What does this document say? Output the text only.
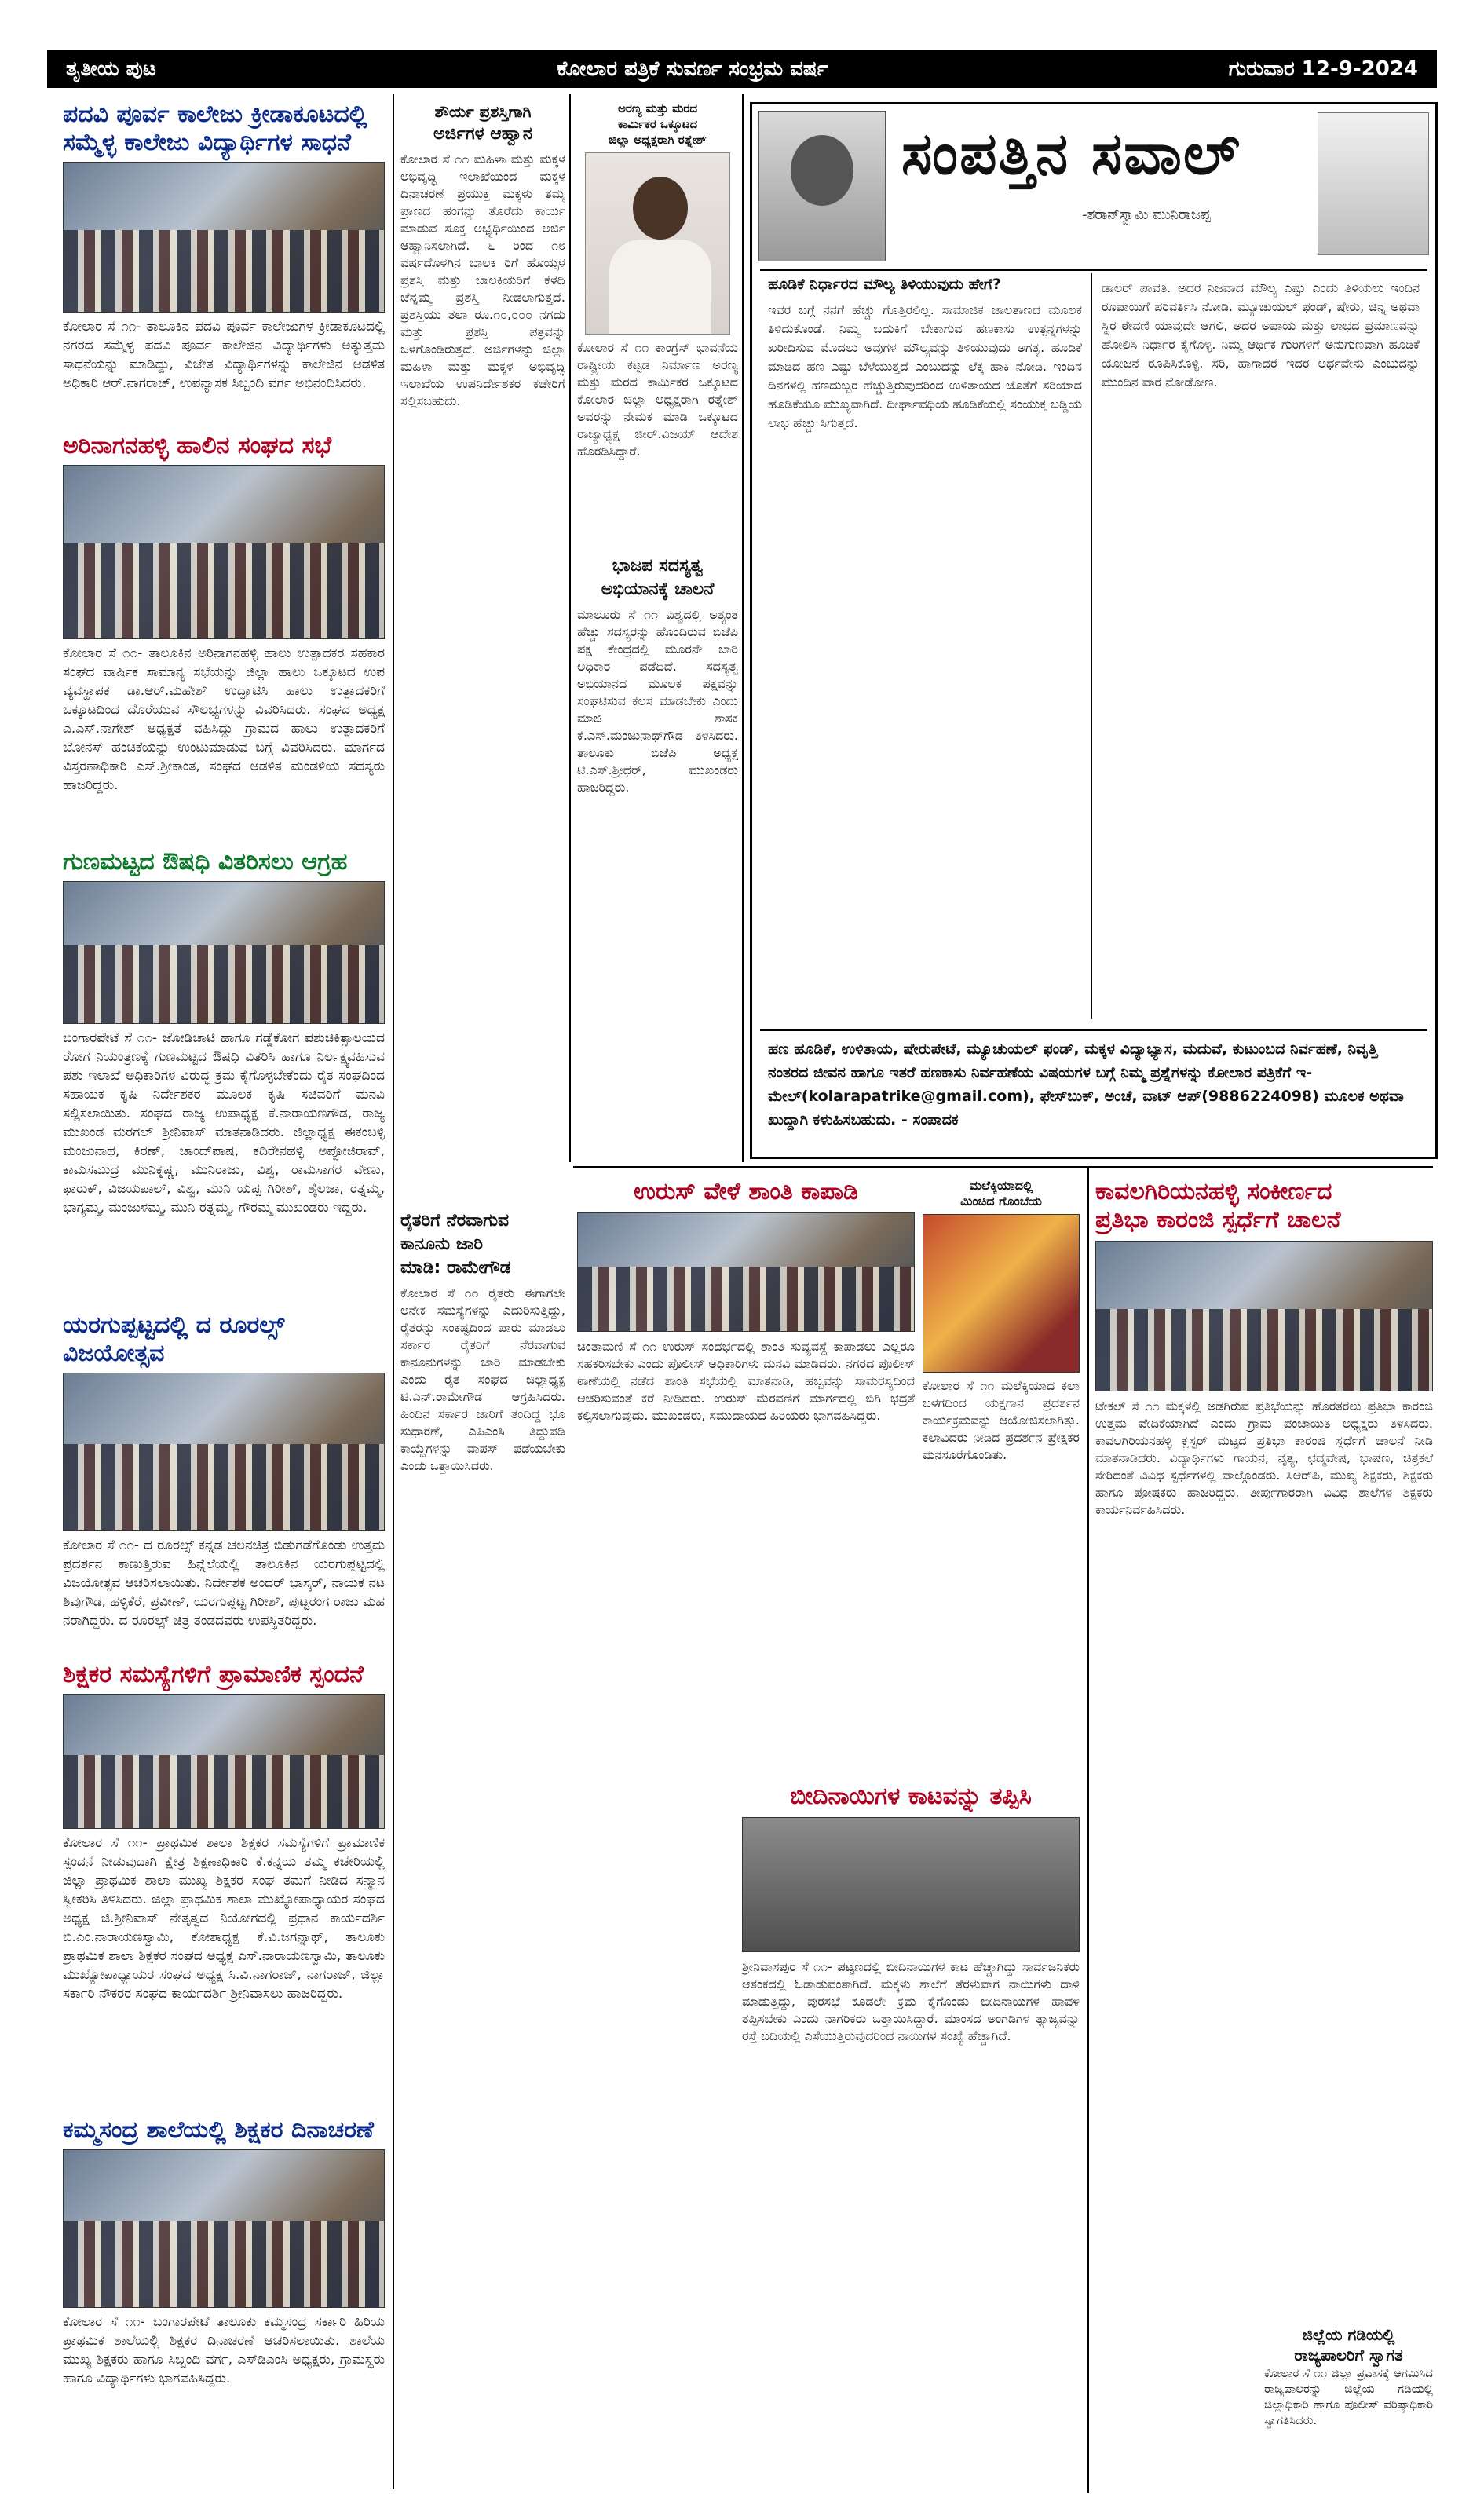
ತೃತೀಯ ಪುಟ	ಕೋಲಾರ ಪತ್ರಿಕೆ ಸುವರ್ಣ ಸಂಭ್ರಮ ವರ್ಷ	ಗುರುವಾರ 12-9-2024
ಪದವಿ ಪೂರ್ವ ಕಾಲೇಜು ಕ್ರೀಡಾಕೂಟದಲ್ಲಿ
ಸಮ್ಮೆಳ್ಳ ಕಾಲೇಜು ವಿದ್ಯಾರ್ಥಿಗಳ ಸಾಧನೆ
ಕೋಲಾರ ಸೆ ೧೧- ತಾಲೂಕಿನ ಪದವಿ ಪೂರ್ವ ಕಾಲೇಜುಗಳ ಕ್ರೀಡಾಕೂಟದಲ್ಲಿ ನಗರದ ಸಮ್ಮೆಳ್ಳ ಪದವಿ ಪೂರ್ವ ಕಾಲೇಜಿನ ವಿದ್ಯಾರ್ಥಿಗಳು ಅತ್ಯುತ್ತಮ ಸಾಧನೆಯನ್ನು ಮಾಡಿದ್ದು, ವಿಜೇತ ವಿದ್ಯಾರ್ಥಿಗಳನ್ನು ಕಾಲೇಜಿನ ಆಡಳಿತ ಅಧಿಕಾರಿ ಆರ್.ನಾಗರಾಜ್, ಉಪನ್ಯಾಸಕ ಸಿಬ್ಬಂದಿ ವರ್ಗ ಅಭಿನಂದಿಸಿದರು.
ಅರಿನಾಗನಹಳ್ಳಿ ಹಾಲಿನ ಸಂಘದ ಸಭೆ
ಕೋಲಾರ ಸೆ ೧೧- ತಾಲೂಕಿನ ಅರಿನಾಗನಹಳ್ಳಿ ಹಾಲು ಉತ್ಪಾದಕರ ಸಹಕಾರ ಸಂಘದ ವಾರ್ಷಿಕ ಸಾಮಾನ್ಯ ಸಭೆಯನ್ನು ಜಿಲ್ಲಾ ಹಾಲು ಒಕ್ಕೂಟದ ಉಪ ವ್ಯವಸ್ಥಾಪಕ ಡಾ.ಆರ್.ಮಹೇಶ್ ಉದ್ಘಾಟಿಸಿ ಹಾಲು ಉತ್ಪಾದಕರಿಗೆ ಒಕ್ಕೂಟದಿಂದ ದೊರೆಯುವ ಸೌಲಭ್ಯಗಳನ್ನು ವಿವರಿಸಿದರು. ಸಂಘದ ಅಧ್ಯಕ್ಷ ಎ.ಎಸ್.ನಾಗೇಶ್ ಅಧ್ಯಕ್ಷತೆ ವಹಿಸಿದ್ದು ಗ್ರಾಮದ ಹಾಲು ಉತ್ಪಾದಕರಿಗೆ ಬೋನಸ್ ಹಂಚಿಕೆಯನ್ನು ಉಂಟುಮಾಡುವ ಬಗ್ಗೆ ವಿವರಿಸಿದರು. ಮಾರ್ಗದ ವಿಸ್ತರಣಾಧಿಕಾರಿ ಎಸ್.ಶ್ರೀಕಾಂತ, ಸಂಘದ ಆಡಳಿತ ಮಂಡಳಿಯ ಸದಸ್ಯರು ಹಾಜರಿದ್ದರು.
ಗುಣಮಟ್ಟದ ಔಷಧಿ ವಿತರಿಸಲು ಆಗ್ರಹ
ಬಂಗಾರಪೇಟೆ ಸೆ ೧೧- ಜೋಡಿಚಾಟಿ ಹಾಗೂ ಗಡ್ಡೆಕೋಗ ಪಶುಚಿಕಿತ್ಸಾಲಯದ ರೋಗ ನಿಯಂತ್ರಣಕ್ಕೆ ಗುಣಮಟ್ಟದ ಔಷಧಿ ವಿತರಿಸಿ ಹಾಗೂ ನಿರ್ಲಕ್ಷ್ಯವಹಿಸುವ ಪಶು ಇಲಾಖೆ ಅಧಿಕಾರಿಗಳ ವಿರುದ್ಧ ಕ್ರಮ ಕೈಗೊಳ್ಳಬೇಕೆಂದು ರೈತ ಸಂಘದಿಂದ ಸಹಾಯಕ ಕೃಷಿ ನಿರ್ದೇಶಕರ ಮೂಲಕ ಕೃಷಿ ಸಚಿವರಿಗೆ ಮನವಿ ಸಲ್ಲಿಸಲಾಯಿತು. ಸಂಘದ ರಾಜ್ಯ ಉಪಾಧ್ಯಕ್ಷ ಕೆ.ನಾರಾಯಣಗೌಡ, ರಾಜ್ಯ ಮುಖಂಡ ಮರಗಲ್ ಶ್ರೀನಿವಾಸ್ ಮಾತನಾಡಿದರು. ಜಿಲ್ಲಾಧ್ಯಕ್ಷ ಈಕಂಬಳ್ಳಿ ಮಂಜುನಾಥ, ಕಿರಣ್, ಚಾಂದ್‌ಪಾಷ, ಕದಿರೇನಹಳ್ಳಿ ಅಪ್ಪೋಜಿರಾವ್, ಕಾಮಸಮುದ್ರ ಮುನಿಕೃಷ್ಣ, ಮುನಿರಾಜು, ವಿಶ್ವ, ರಾಮಸಾಗರ ವೇಣು, ಫಾರುಕ್, ವಿಜಯಪಾಲ್, ವಿಶ್ವ, ಮುನಿ ಯಪ್ಪ ಗಿರೀಶ್, ಶೈಲಜಾ, ರತ್ನಮ್ಮ, ಭಾಗ್ಯಮ್ಮ, ಮಂಜುಳಮ್ಮ, ಮುನಿ ರತ್ನಮ್ಮ, ಗೌರಮ್ಮ ಮುಖಂಡರು ಇದ್ದರು.
ಯರಗುಪ್ಪಟ್ಟದಲ್ಲಿ ದ ರೂರಲ್ಸ್ ವಿಜಯೋತ್ಸವ
ಕೋಲಾರ ಸೆ ೧೧- ದ ರೂರಲ್ಸ್ ಕನ್ನಡ ಚಲನಚಿತ್ರ ಬಿಡುಗಡೆಗೊಂಡು ಉತ್ತಮ ಪ್ರದರ್ಶನ ಕಾಣುತ್ತಿರುವ ಹಿನ್ನೆಲೆಯಲ್ಲಿ ತಾಲೂಕಿನ ಯರಗುಪ್ಪಟ್ಟದಲ್ಲಿ ವಿಜಯೋತ್ಸವ ಆಚರಿಸಲಾಯಿತು. ನಿರ್ದೇಶಕ ಅಂದರ್ ಭಾಸ್ಕರ್, ನಾಯಕ ನಟ ಶಿವುಗೌಡ, ಹಳ್ಳಿಕೆರೆ, ಪ್ರವೀಣ್, ಯರಗುಪ್ಪಟ್ಟ ಗಿರೀಶ್, ಪುಟ್ಟರಂಗ ರಾಜು ಮಹ ನರಾಗಿದ್ದರು. ದ ರೂರಲ್ಸ್ ಚಿತ್ರ ತಂಡದವರು ಉಪಸ್ಥಿತರಿದ್ದರು.
ಶಿಕ್ಷಕರ ಸಮಸ್ಯೆಗಳಿಗೆ ಪ್ರಾಮಾಣಿಕ ಸ್ಪಂದನೆ
ಕೋಲಾರ ಸೆ ೧೧- ಪ್ರಾಥಮಿಕ ಶಾಲಾ ಶಿಕ್ಷಕರ ಸಮಸ್ಯೆಗಳಿಗೆ ಪ್ರಾಮಾಣಿಕ ಸ್ಪಂದನೆ ನೀಡುವುದಾಗಿ ಕ್ಷೇತ್ರ ಶಿಕ್ಷಣಾಧಿಕಾರಿ ಕೆ.ಕನ್ನಯ ತಮ್ಮ ಕಚೇರಿಯಲ್ಲಿ ಜಿಲ್ಲಾ ಪ್ರಾಥಮಿಕ ಶಾಲಾ ಮುಖ್ಯ ಶಿಕ್ಷಕರ ಸಂಘ ತಮಗೆ ನೀಡಿದ ಸನ್ಮಾನ ಸ್ವೀಕರಿಸಿ ತಿಳಿಸಿದರು. ಜಿಲ್ಲಾ ಪ್ರಾಥಮಿಕ ಶಾಲಾ ಮುಖ್ಯೋಪಾಧ್ಯಾಯರ ಸಂಘದ ಅಧ್ಯಕ್ಷ ಜಿ.ಶ್ರೀನಿವಾಸ್ ನೇತೃತ್ವದ ನಿಯೋಗದಲ್ಲಿ ಪ್ರಧಾನ ಕಾರ್ಯದರ್ಶಿ ಬಿ.ಎಂ.ನಾರಾಯಣಸ್ವಾಮಿ, ಕೋಶಾಧ್ಯಕ್ಷ ಕೆ.ವಿ.ಜಗನ್ನಾಥ್, ತಾಲೂಕು ಪ್ರಾಥಮಿಕ ಶಾಲಾ ಶಿಕ್ಷಕರ ಸಂಘದ ಅಧ್ಯಕ್ಷ ಎಸ್.ನಾರಾಯಣಸ್ವಾಮಿ, ತಾಲೂಕು ಮುಖ್ಯೋಪಾಧ್ಯಾಯರ ಸಂಘದ ಅಧ್ಯಕ್ಷ ಸಿ.ವಿ.ನಾಗರಾಜ್, ನಾಗರಾಜ್, ಜಿಲ್ಲಾ ಸರ್ಕಾರಿ ನೌಕರರ ಸಂಘದ ಕಾರ್ಯದರ್ಶಿ ಶ್ರೀನಿವಾಸಲು ಹಾಜರಿದ್ದರು.
ಕಮ್ಮಸಂದ್ರ ಶಾಲೆಯಲ್ಲಿ ಶಿಕ್ಷಕರ ದಿನಾಚರಣೆ
ಕೋಲಾರ ಸೆ ೧೧- ಬಂಗಾರಪೇಟೆ ತಾಲೂಕು ಕಮ್ಮಸಂದ್ರ ಸರ್ಕಾರಿ ಹಿರಿಯ ಪ್ರಾಥಮಿಕ ಶಾಲೆಯಲ್ಲಿ ಶಿಕ್ಷಕರ ದಿನಾಚರಣೆ ಆಚರಿಸಲಾಯಿತು. ಶಾಲೆಯ ಮುಖ್ಯ ಶಿಕ್ಷಕರು ಹಾಗೂ ಸಿಬ್ಬಂದಿ ವರ್ಗ, ಎಸ್‌ಡಿಎಂಸಿ ಅಧ್ಯಕ್ಷರು, ಗ್ರಾಮಸ್ಥರು ಹಾಗೂ ವಿದ್ಯಾರ್ಥಿಗಳು ಭಾಗವಹಿಸಿದ್ದರು.
ಶೌರ್ಯ ಪ್ರಶಸ್ತಿಗಾಗಿ
ಅರ್ಜಿಗಳ ಆಹ್ವಾನ
ಕೋಲಾರ ಸೆ ೧೧ ಮಹಿಳಾ ಮತ್ತು ಮಕ್ಕಳ ಅಭಿವೃದ್ಧಿ ಇಲಾಖೆಯಿಂದ ಮಕ್ಕಳ ದಿನಾಚರಣೆ ಪ್ರಯುಕ್ತ ಮಕ್ಕಳು ತಮ್ಮ ಪ್ರಾಣದ ಹಂಗನ್ನು ತೊರೆದು ಕಾರ್ಯ ಮಾಡುವ ಸೂಕ್ತ ಅಭ್ಯರ್ಥಿಯಿಂದ ಅರ್ಜಿ ಆಹ್ವಾನಿಸಲಾಗಿದೆ. ೬ ರಿಂದ ೧೮ ವರ್ಷದೊಳಗಿನ ಬಾಲಕ ರಿಗೆ ಹೊಯ್ಸಳ ಪ್ರಶಸ್ತಿ ಮತ್ತು ಬಾಲಕಿಯರಿಗೆ ಕೆಳದಿ ಚೆನ್ನಮ್ಮ ಪ್ರಶಸ್ತಿ ನೀಡಲಾಗುತ್ತದೆ. ಪ್ರಶಸ್ತಿಯು ತಲಾ ರೂ.೧೦,೦೦೦ ನಗದು ಮತ್ತು ಪ್ರಶಸ್ತಿ ಪತ್ರವನ್ನು ಒಳಗೊಂಡಿರುತ್ತದೆ. ಅರ್ಜಿಗಳನ್ನು ಜಿಲ್ಲಾ ಮಹಿಳಾ ಮತ್ತು ಮಕ್ಕಳ ಅಭಿವೃದ್ಧಿ ಇಲಾಖೆಯ ಉಪನಿರ್ದೇಶಕರ ಕಚೇರಿಗೆ ಸಲ್ಲಿಸಬಹುದು.
ರೈತರಿಗೆ ನೆರವಾಗುವ
ಕಾನೂನು ಜಾರಿ
ಮಾಡಿ: ರಾಮೇಗೌಡ
ಕೋಲಾರ ಸೆ ೧೧ ರೈತರು ಈಗಾಗಲೇ ಅನೇಕ ಸಮಸ್ಯೆಗಳನ್ನು ಎದುರಿಸುತ್ತಿದ್ದು, ರೈತರನ್ನು ಸಂಕಷ್ಟದಿಂದ ಪಾರು ಮಾಡಲು ಸರ್ಕಾರ ರೈತರಿಗೆ ನೆರವಾಗುವ ಕಾನೂನುಗಳನ್ನು ಜಾರಿ ಮಾಡಬೇಕು ಎಂದು ರೈತ ಸಂಘದ ಜಿಲ್ಲಾಧ್ಯಕ್ಷ ಟಿ.ಎನ್.ರಾಮೇಗೌಡ ಆಗ್ರಹಿಸಿದರು. ಹಿಂದಿನ ಸರ್ಕಾರ ಜಾರಿಗೆ ತಂದಿದ್ದ ಭೂ ಸುಧಾರಣೆ, ಎಪಿಎಂಸಿ ತಿದ್ದುಪಡಿ ಕಾಯ್ದೆಗಳನ್ನು ವಾಪಸ್ ಪಡೆಯಬೇಕು ಎಂದು ಒತ್ತಾಯಿಸಿದರು.
ಅರಣ್ಯ ಮತ್ತು ಮರದ
ಕಾರ್ಮಿಕರ ಒಕ್ಕೂಟದ
ಜಿಲ್ಲಾ ಅಧ್ಯಕ್ಷರಾಗಿ ರತ್ನೇಶ್
ಕೋಲಾರ ಸೆ ೧೧ ಕಾಂಗ್ರೆಸ್ ಭಾವನೆಯ ರಾಷ್ಟ್ರೀಯ ಕಟ್ಟಡ ನಿರ್ಮಾಣ ಅರಣ್ಯ ಮತ್ತು ಮರದ ಕಾರ್ಮಿಕರ ಒಕ್ಕೂಟದ ಕೋಲಾರ ಜಿಲ್ಲಾ ಅಧ್ಯಕ್ಷರಾಗಿ ರತ್ನೇಶ್ ಅವರನ್ನು ನೇಮಕ ಮಾಡಿ ಒಕ್ಕೂಟದ ರಾಜ್ಯಾಧ್ಯಕ್ಷ ಜೀರ್.ವಿಜಯ್ ಆದೇಶ ಹೊರಡಿಸಿದ್ದಾರೆ.
ಭಾಜಪ ಸದಸ್ಯತ್ವ
ಅಭಿಯಾನಕ್ಕೆ ಚಾಲನೆ
ಮಾಲೂರು ಸೆ ೧೧ ವಿಶ್ವದಲ್ಲಿ ಅತ್ಯಂತ ಹೆಚ್ಚು ಸದಸ್ಯರನ್ನು ಹೊಂದಿರುವ ಬಿಜೆಪಿ ಪಕ್ಷ ಕೇಂದ್ರದಲ್ಲಿ ಮೂರನೇ ಬಾರಿ ಅಧಿಕಾರ ಪಡೆದಿದೆ. ಸದಸ್ಯತ್ವ ಅಭಿಯಾನದ ಮೂಲಕ ಪಕ್ಷವನ್ನು ಸಂಘಟಿಸುವ ಕೆಲಸ ಮಾಡಬೇಕು ಎಂದು ಮಾಜಿ ಶಾಸಕ ಕೆ.ಎಸ್.ಮಂಜುನಾಥ್‌ಗೌಡ ತಿಳಿಸಿದರು. ತಾಲೂಕು ಬಿಜೆಪಿ ಅಧ್ಯಕ್ಷ ಟಿ.ಎಸ್.ಶ್ರೀಧರ್, ಮುಖಂಡರು ಹಾಜರಿದ್ದರು.
ಸಂಪತ್ತಿನ ಸವಾಲ್
-ಶರಾನ್‌ಸ್ವಾಮಿ ಮುನಿರಾಜಪ್ಪ
ಹೂಡಿಕೆ ನಿರ್ಧಾರದ ಮೌಲ್ಯ ತಿಳಿಯುವುದು ಹೇಗೆ?
ಇವರ ಬಗ್ಗೆ ನನಗೆ ಹೆಚ್ಚು ಗೊತ್ತಿರಲಿಲ್ಲ. ಸಾಮಾಜಿಕ ಜಾಲತಾಣದ ಮೂಲಕ ತಿಳಿದುಕೊಂಡೆ. ನಿಮ್ಮ ಬದುಕಿಗೆ ಬೇಕಾಗುವ ಹಣಕಾಸು ಉತ್ಪನ್ನಗಳನ್ನು ಖರೀದಿಸುವ ಮೊದಲು ಅವುಗಳ ಮೌಲ್ಯವನ್ನು ತಿಳಿಯುವುದು ಅಗತ್ಯ. ಹೂಡಿಕೆ ಮಾಡಿದ ಹಣ ಎಷ್ಟು ಬೆಳೆಯುತ್ತದೆ ಎಂಬುದನ್ನು ಲೆಕ್ಕ ಹಾಕಿ ನೋಡಿ. ಇಂದಿನ ದಿನಗಳಲ್ಲಿ ಹಣದುಬ್ಬರ ಹೆಚ್ಚುತ್ತಿರುವುದರಿಂದ ಉಳಿತಾಯದ ಜೊತೆಗೆ ಸರಿಯಾದ ಹೂಡಿಕೆಯೂ ಮುಖ್ಯವಾಗಿದೆ. ದೀರ್ಘಾವಧಿಯ ಹೂಡಿಕೆಯಲ್ಲಿ ಸಂಯುಕ್ತ ಬಡ್ಡಿಯ ಲಾಭ ಹೆಚ್ಚು ಸಿಗುತ್ತದೆ.
ಡಾಲರ್ ಪಾವತಿ. ಅದರ ನಿಜವಾದ ಮೌಲ್ಯ ಎಷ್ಟು ಎಂದು ತಿಳಿಯಲು ಇಂದಿನ ರೂಪಾಯಿಗೆ ಪರಿವರ್ತಿಸಿ ನೋಡಿ. ಮ್ಯೂಚುಯಲ್ ಫಂಡ್, ಷೇರು, ಚಿನ್ನ ಅಥವಾ ಸ್ಥಿರ ಠೇವಣಿ ಯಾವುದೇ ಆಗಲಿ, ಅದರ ಅಪಾಯ ಮತ್ತು ಲಾಭದ ಪ್ರಮಾಣವನ್ನು ಹೋಲಿಸಿ ನಿರ್ಧಾರ ಕೈಗೊಳ್ಳಿ. ನಿಮ್ಮ ಆರ್ಥಿಕ ಗುರಿಗಳಿಗೆ ಅನುಗುಣವಾಗಿ ಹೂಡಿಕೆ ಯೋಜನೆ ರೂಪಿಸಿಕೊಳ್ಳಿ. ಸರಿ, ಹಾಗಾದರೆ ಇದರ ಅರ್ಥವೇನು ಎಂಬುದನ್ನು ಮುಂದಿನ ವಾರ ನೋಡೋಣ.
ಹಣ ಹೂಡಿಕೆ, ಉಳಿತಾಯ, ಷೇರುಪೇಟೆ, ಮ್ಯೂಚುಯಲ್ ಫಂಡ್, ಮಕ್ಕಳ ವಿದ್ಯಾಭ್ಯಾಸ, ಮದುವೆ, ಕುಟುಂಬದ ನಿರ್ವಹಣೆ, ನಿವೃತ್ತಿ ನಂತರದ ಜೀವನ ಹಾಗೂ ಇತರೆ ಹಣಕಾಸು ನಿರ್ವಹಣೆಯ ವಿಷಯಗಳ ಬಗ್ಗೆ ನಿಮ್ಮ ಪ್ರಶ್ನೆಗಳನ್ನು ಕೋಲಾರ ಪತ್ರಿಕೆಗೆ ಇ-ಮೇಲ್(kolarapatrike@gmail.com), ಫೇಸ್‌ಬುಕ್, ಅಂಚೆ, ವಾಟ್ ಆಪ್(9886224098) ಮೂಲಕ ಅಥವಾ ಖುದ್ದಾಗಿ ಕಳುಹಿಸಬಹುದು. - ಸಂಪಾದಕ
ಉರುಸ್ ವೇಳೆ ಶಾಂತಿ ಕಾಪಾಡಿ
ಚಿಂತಾಮಣಿ ಸೆ ೧೧ ಉರುಸ್ ಸಂದರ್ಭದಲ್ಲಿ ಶಾಂತಿ ಸುವ್ಯವಸ್ಥೆ ಕಾಪಾಡಲು ಎಲ್ಲರೂ ಸಹಕರಿಸಬೇಕು ಎಂದು ಪೊಲೀಸ್ ಅಧಿಕಾರಿಗಳು ಮನವಿ ಮಾಡಿದರು. ನಗರದ ಪೊಲೀಸ್ ಠಾಣೆಯಲ್ಲಿ ನಡೆದ ಶಾಂತಿ ಸಭೆಯಲ್ಲಿ ಮಾತನಾಡಿ, ಹಬ್ಬವನ್ನು ಸಾಮರಸ್ಯದಿಂದ ಆಚರಿಸುವಂತೆ ಕರೆ ನೀಡಿದರು. ಉರುಸ್ ಮೆರವಣಿಗೆ ಮಾರ್ಗದಲ್ಲಿ ಬಿಗಿ ಭದ್ರತೆ ಕಲ್ಪಿಸಲಾಗುವುದು. ಮುಖಂಡರು, ಸಮುದಾಯದ ಹಿರಿಯರು ಭಾಗವಹಿಸಿದ್ದರು.
ಮಲೆಕ್ಕಿಯಾದಲ್ಲಿ
ಮಿಂಚಿದ ಗೊಂಬೆಯ
ಕೋಲಾರ ಸೆ ೧೧ ಮಲೆಕ್ಕಿಯಾದ ಕಲಾ ಬಳಗದಿಂದ ಯಕ್ಷಗಾನ ಪ್ರದರ್ಶನ ಕಾರ್ಯಕ್ರಮವನ್ನು ಆಯೋಜಿಸಲಾಗಿತ್ತು. ಕಲಾವಿದರು ನೀಡಿದ ಪ್ರದರ್ಶನ ಪ್ರೇಕ್ಷಕರ ಮನಸೂರೆಗೊಂಡಿತು.
ಬೀದಿನಾಯಿಗಳ ಕಾಟವನ್ನು ತಪ್ಪಿಸಿ
ಶ್ರೀನಿವಾಸಪುರ ಸೆ ೧೧- ಪಟ್ಟಣದಲ್ಲಿ ಬೀದಿನಾಯಿಗಳ ಕಾಟ ಹೆಚ್ಚಾಗಿದ್ದು ಸಾರ್ವಜನಿಕರು ಆತಂಕದಲ್ಲಿ ಓಡಾಡುವಂತಾಗಿದೆ. ಮಕ್ಕಳು ಶಾಲೆಗೆ ತೆರಳುವಾಗ ನಾಯಿಗಳು ದಾಳಿ ಮಾಡುತ್ತಿದ್ದು, ಪುರಸಭೆ ಕೂಡಲೇ ಕ್ರಮ ಕೈಗೊಂಡು ಬೀದಿನಾಯಿಗಳ ಹಾವಳಿ ತಪ್ಪಿಸಬೇಕು ಎಂದು ನಾಗರಿಕರು ಒತ್ತಾಯಿಸಿದ್ದಾರೆ. ಮಾಂಸದ ಅಂಗಡಿಗಳ ತ್ಯಾಜ್ಯವನ್ನು ರಸ್ತೆ ಬದಿಯಲ್ಲಿ ಎಸೆಯುತ್ತಿರುವುದರಿಂದ ನಾಯಿಗಳ ಸಂಖ್ಯೆ ಹೆಚ್ಚಾಗಿದೆ.
ಕಾವಲಗಿರಿಯನಹಳ್ಳಿ ಸಂಕೀರ್ಣದ
ಪ್ರತಿಭಾ ಕಾರಂಜಿ ಸ್ಪರ್ಧೆಗೆ ಚಾಲನೆ
ಟೇಕಲ್ ಸೆ ೧೧ ಮಕ್ಕಳಲ್ಲಿ ಅಡಗಿರುವ ಪ್ರತಿಭೆಯನ್ನು ಹೊರತರಲು ಪ್ರತಿಭಾ ಕಾರಂಜಿ ಉತ್ತಮ ವೇದಿಕೆಯಾಗಿದೆ ಎಂದು ಗ್ರಾಮ ಪಂಚಾಯಿತಿ ಅಧ್ಯಕ್ಷರು ತಿಳಿಸಿದರು. ಕಾವಲಗಿರಿಯನಹಳ್ಳಿ ಕ್ಲಸ್ಟರ್ ಮಟ್ಟದ ಪ್ರತಿಭಾ ಕಾರಂಜಿ ಸ್ಪರ್ಧೆಗೆ ಚಾಲನೆ ನೀಡಿ ಮಾತನಾಡಿದರು. ವಿದ್ಯಾರ್ಥಿಗಳು ಗಾಯನ, ನೃತ್ಯ, ಛದ್ಮವೇಷ, ಭಾಷಣ, ಚಿತ್ರಕಲೆ ಸೇರಿದಂತೆ ವಿವಿಧ ಸ್ಪರ್ಧೆಗಳಲ್ಲಿ ಪಾಲ್ಗೊಂಡರು. ಸಿಆರ್‌ಪಿ, ಮುಖ್ಯ ಶಿಕ್ಷಕರು, ಶಿಕ್ಷಕರು ಹಾಗೂ ಪೋಷಕರು ಹಾಜರಿದ್ದರು. ತೀರ್ಪುಗಾರರಾಗಿ ವಿವಿಧ ಶಾಲೆಗಳ ಶಿಕ್ಷಕರು ಕಾರ್ಯನಿರ್ವಹಿಸಿದರು.
ಜಿಲ್ಲೆಯ ಗಡಿಯಲ್ಲಿ
ರಾಜ್ಯಪಾಲರಿಗೆ ಸ್ವಾಗತ
ಕೋಲಾರ ಸೆ ೧೧ ಜಿಲ್ಲಾ ಪ್ರವಾಸಕ್ಕೆ ಆಗಮಿಸಿದ ರಾಜ್ಯಪಾಲರನ್ನು ಜಿಲ್ಲೆಯ ಗಡಿಯಲ್ಲಿ ಜಿಲ್ಲಾಧಿಕಾರಿ ಹಾಗೂ ಪೊಲೀಸ್ ವರಿಷ್ಠಾಧಿಕಾರಿ ಸ್ವಾಗತಿಸಿದರು.
